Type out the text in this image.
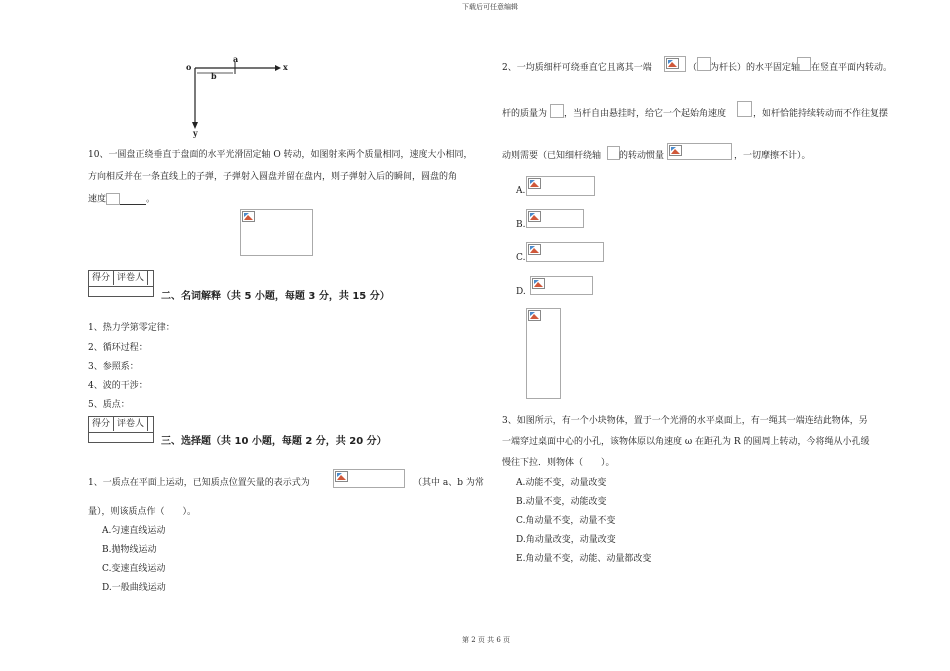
下载后可任意编辑
第 2 页 共 6 页
o
a
b
x
y
10、一圆盘正绕垂直于盘面的水平光滑固定轴 O 转动，如图射来两个质量相同，速度大小相同，
方向相反并在一条直线上的子弹，子弹射入圆盘并留在盘内，则子弹射入后的瞬间，圆盘的角
速度	。
得分 评卷人
二、名词解释（共 5 小题，每题 3 分，共 15 分）
1、热力学第零定律：
2、循环过程：
3、参照系：
4、波的干涉：
5、质点：
得分 评卷人
三、选择题（共 10 小题，每题 2 分，共 20 分）
1、一质点在平面上运动，已知质点位置矢量的表示式为	（其中 a、b 为常
量），则该质点作（　　）。
A.匀速直线运动
B.抛物线运动
C.变速直线运动
D.一般曲线运动
2、一均质细杆可绕垂直它且离其一端	（ 为杆长）的水平固定轴 在竖直平面内转动。
杆的质量为 ，当杆自由悬挂时，给它一个起始角速度	，如杆恰能持续转动而不作往复摆
动则需要（已知细杆绕轴 的转动惯量	，一切摩擦不计）。
A.
B.
C.
D.
3、如图所示，有一个小块物体，置于一个光滑的水平桌面上，有一绳其一端连结此物体，另
一端穿过桌面中心的小孔，该物体原以角速度 ω 在距孔为 R 的圆周上转动，今将绳从小孔缓
慢往下拉．则物体（　　）。
A.动能不变，动量改变
B.动量不变，动能改变
C.角动量不变，动量不变
D.角动量改变，动量改变
E.角动量不变，动能、动量都改变
